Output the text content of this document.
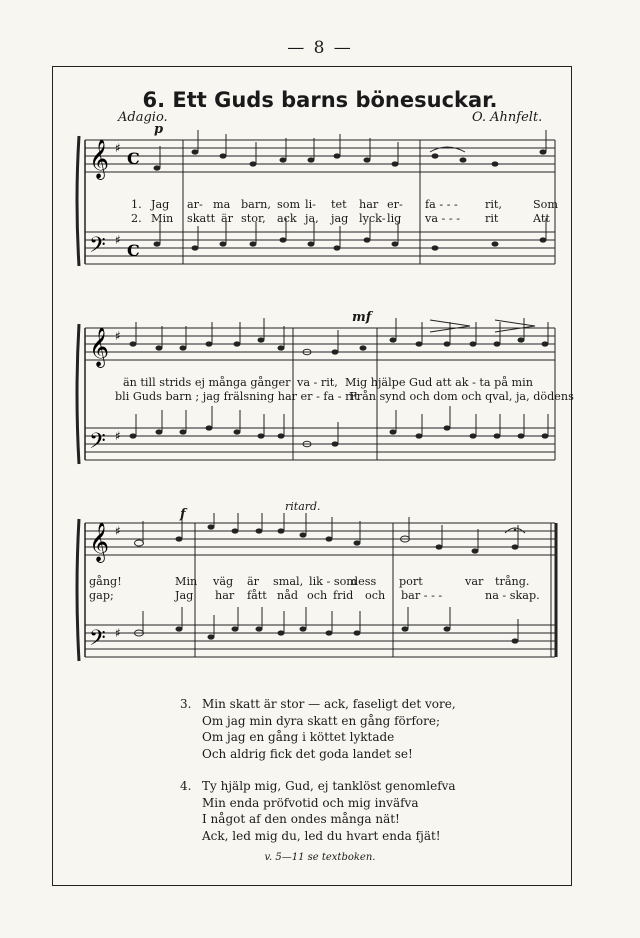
— 8 —
6. Ett Guds barns bönesuckar.
Adagio.	O. Ahnfelt.
p
mf
f
ritard.
𝄞
𝄢
♯
♯
C
C
1. Jag ar- ma barn, som li- tet har er- fa - - - rit,	Som
2. Min skatt är stor, ack ja, jag lyck- lig va - - - rit	Att
𝄞
𝄢
♯
♯
än till strids ej många gånger va - rit, Mig hjälpe Gud att ak - ta på min
bli Guds barn ; jag frälsning har er - fa - rit
Från synd och dom och qval, ja, dödens
𝄞
𝄢
♯
♯
gång!	Min väg är smal, lik - som
dess port	var trång.
gap;	Jag har fått nåd och frid och bar - - -	na - skap.
3. Min skatt är stor — ack, faseligt det vore,
Om jag min dyra skatt en gång förfore;
Om jag en gång i köttet lyktade
Och aldrig fick det goda landet se!
4. Ty hjälp mig, Gud, ej tanklöst genomlefva
Min enda pröfvotid och mig inväfva
I något af den ondes många nät!
Ack, led mig du, led du hvart enda fjät!
v. 5—11 se textboken.
